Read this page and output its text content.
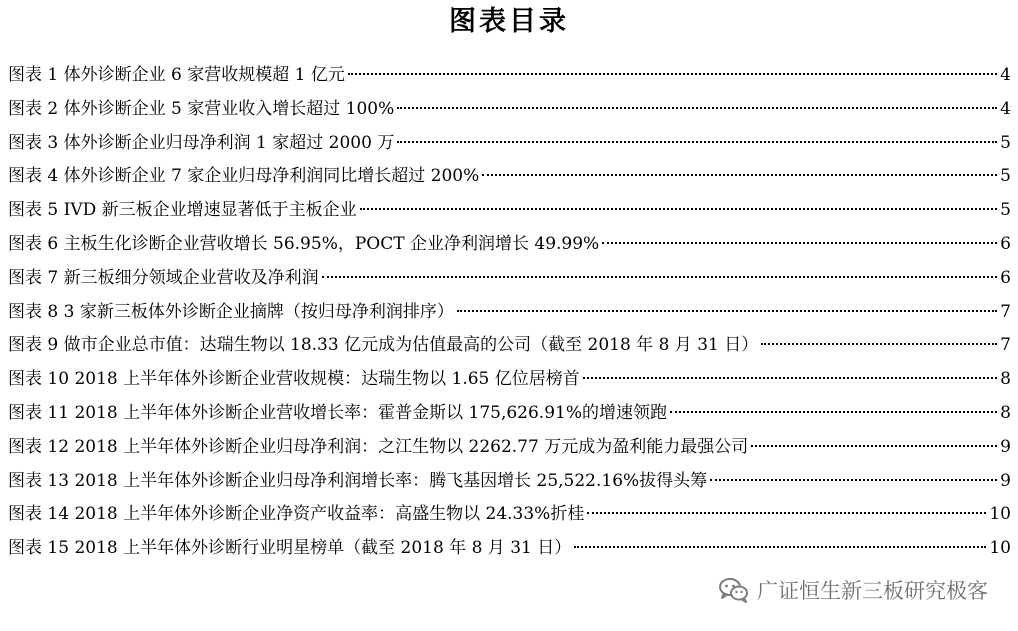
图表目录
图表 1 体外诊断企业 6 家营收规模超 1 亿元	4
图表 2 体外诊断企业 5 家营业收入增长超过 100%	4
图表 3 体外诊断企业归母净利润 1 家超过 2000 万	5
图表 4 体外诊断企业 7 家企业归母净利润同比增长超过 200%	5
图表 5 IVD 新三板企业增速显著低于主板企业	5
图表 6 主板生化诊断企业营收增长 56.95%，POCT 企业净利润增长 49.99%	6
图表 7 新三板细分领域企业营收及净利润	6
图表 8 3 家新三板体外诊断企业摘牌（按归母净利润排序）	7
图表 9 做市企业总市值：达瑞生物以 18.33 亿元成为估值最高的公司（截至 2018 年 8 月 31 日）	7
图表 10 2018 上半年体外诊断企业营收规模：达瑞生物以 1.65 亿位居榜首	8
图表 11 2018 上半年体外诊断企业营收增长率：霍普金斯以 175,626.91%的增速领跑	8
图表 12 2018 上半年体外诊断企业归母净利润：之江生物以 2262.77 万元成为盈利能力最强公司	9
图表 13 2018 上半年体外诊断企业归母净利润增长率：腾飞基因增长 25,522.16%拔得头筹	9
图表 14 2018 上半年体外诊断企业净资产收益率：高盛生物以 24.33%折桂	10
图表 15 2018 上半年体外诊断行业明星榜单（截至 2018 年 8 月 31 日）	10
广证恒生新三板研究极客
